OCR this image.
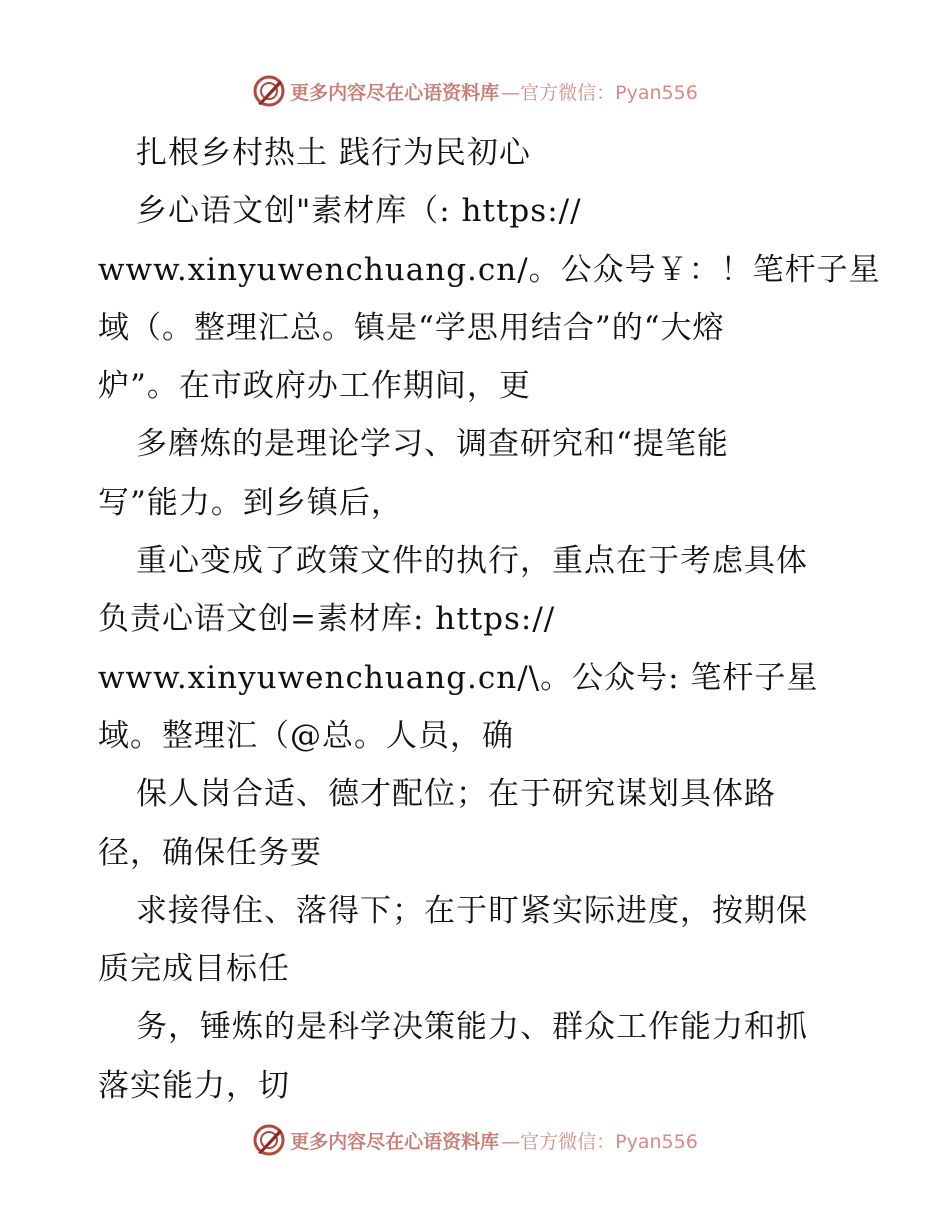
更多内容尽在心语资料库 —官方微信：Pyan556
扎根乡村热土 践行为民初心
乡心语文创"素材库（: https://
www.xinyuwenchuang.cn/。公众号￥：！笔杆子星
域（。整理汇总。镇是“学思用结合”的“大熔
炉”。在市政府办工作期间，更
多磨炼的是理论学习、调查研究和“提笔能
写”能力。到乡镇后，
重心变成了政策文件的执行，重点在于考虑具体
负责心语文创=素材库: https://
www.xinyuwenchuang.cn/\。公众号: 笔杆子星
域。整理汇（@总。人员，确
保人岗合适、德才配位；在于研究谋划具体路
径，确保任务要
求接得住、落得下；在于盯紧实际进度，按期保
质完成目标任
务，锤炼的是科学决策能力、群众工作能力和抓
落实能力，切
更多内容尽在心语资料库 —官方微信：Pyan556
